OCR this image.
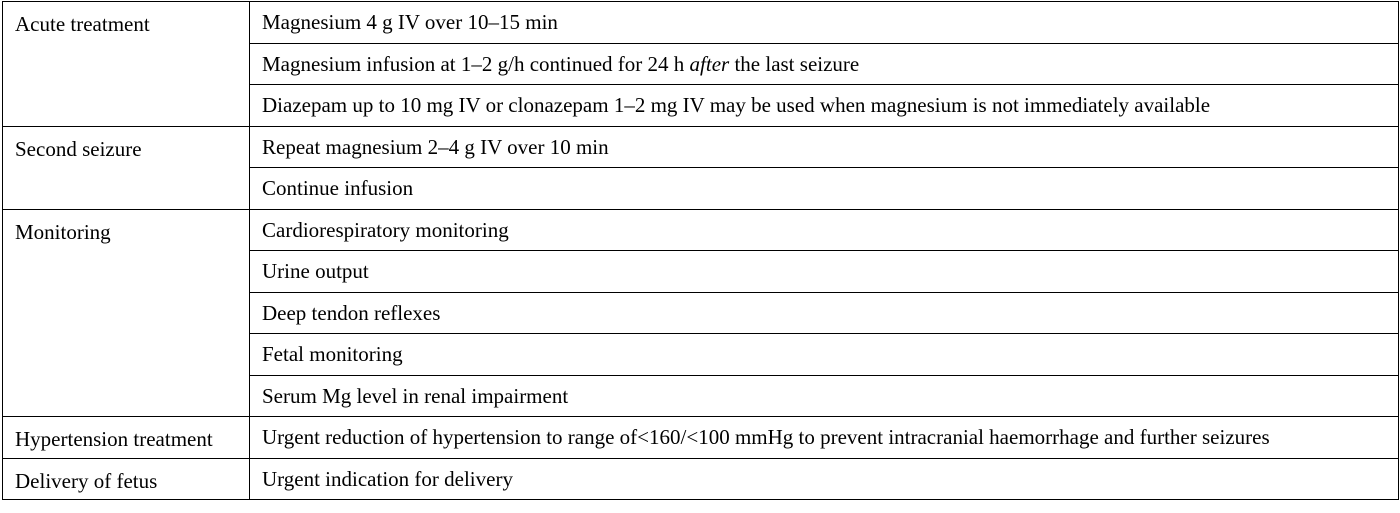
Acute treatment	Magnesium 4 g IV over 10–15 min
	Magnesium infusion at 1–2 g/h continued for 24 h after the last seizure
	Diazepam up to 10 mg IV or clonazepam 1–2 mg IV may be used when magnesium is not immediately available
Second seizure	Repeat magnesium 2–4 g IV over 10 min
	Continue infusion
Monitoring	Cardiorespiratory monitoring
	Urine output
	Deep tendon reflexes
	Fetal monitoring
	Serum Mg level in renal impairment
Hypertension treatment	Urgent reduction of hypertension to range of<160/<100 mmHg to prevent intracranial haemorrhage and further seizures
Delivery of fetus	Urgent indication for delivery
